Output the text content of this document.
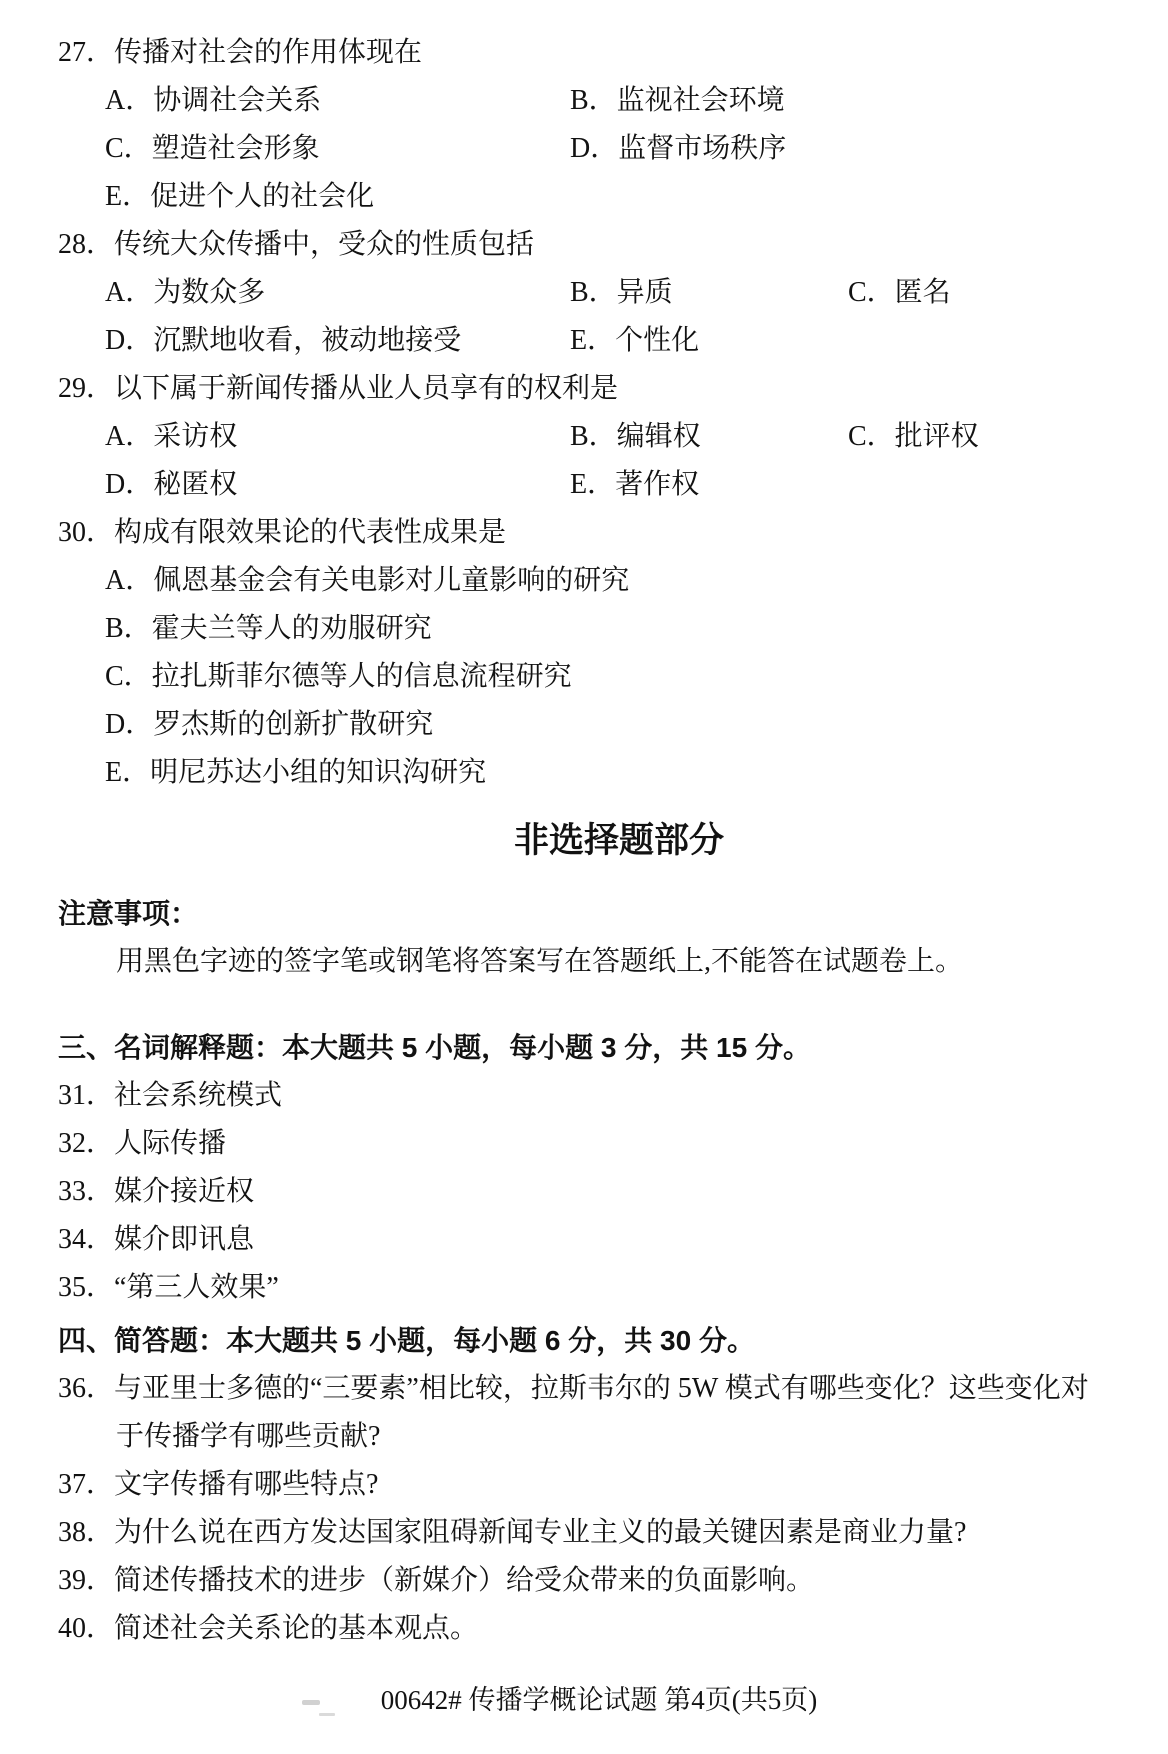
27．传播对社会的作用体现在
A．协调社会关系	B．监视社会环境
C．塑造社会形象	D．监督市场秩序
E．促进个人的社会化
28．传统大众传播中，受众的性质包括
A．为数众多	B．异质	C．匿名
D．沉默地收看，被动地接受	E．个性化
29．以下属于新闻传播从业人员享有的权利是
A．采访权	B．编辑权	C．批评权
D．秘匿权	E．著作权
30．构成有限效果论的代表性成果是
A．佩恩基金会有关电影对儿童影响的研究
B．霍夫兰等人的劝服研究
C．拉扎斯菲尔德等人的信息流程研究
D．罗杰斯的创新扩散研究
E．明尼苏达小组的知识沟研究
非选择题部分
注意事项：
用黑色字迹的签字笔或钢笔将答案写在答题纸上,不能答在试题卷上。
三、名词解释题：本大题共 5 小题，每小题 3 分，共 15 分。
31．社会系统模式
32．人际传播
33．媒介接近权
34．媒介即讯息
35．“第三人效果”
四、简答题：本大题共 5 小题，每小题 6 分，共 30 分。
36．与亚里士多德的“三要素”相比较，拉斯韦尔的 5W 模式有哪些变化？这些变化对
于传播学有哪些贡献?
37．文字传播有哪些特点?
38．为什么说在西方发达国家阻碍新闻专业主义的最关键因素是商业力量?
39．简述传播技术的进步（新媒介）给受众带来的负面影响。
40．简述社会关系论的基本观点。
00642# 传播学概论试题 第4页(共5页)
